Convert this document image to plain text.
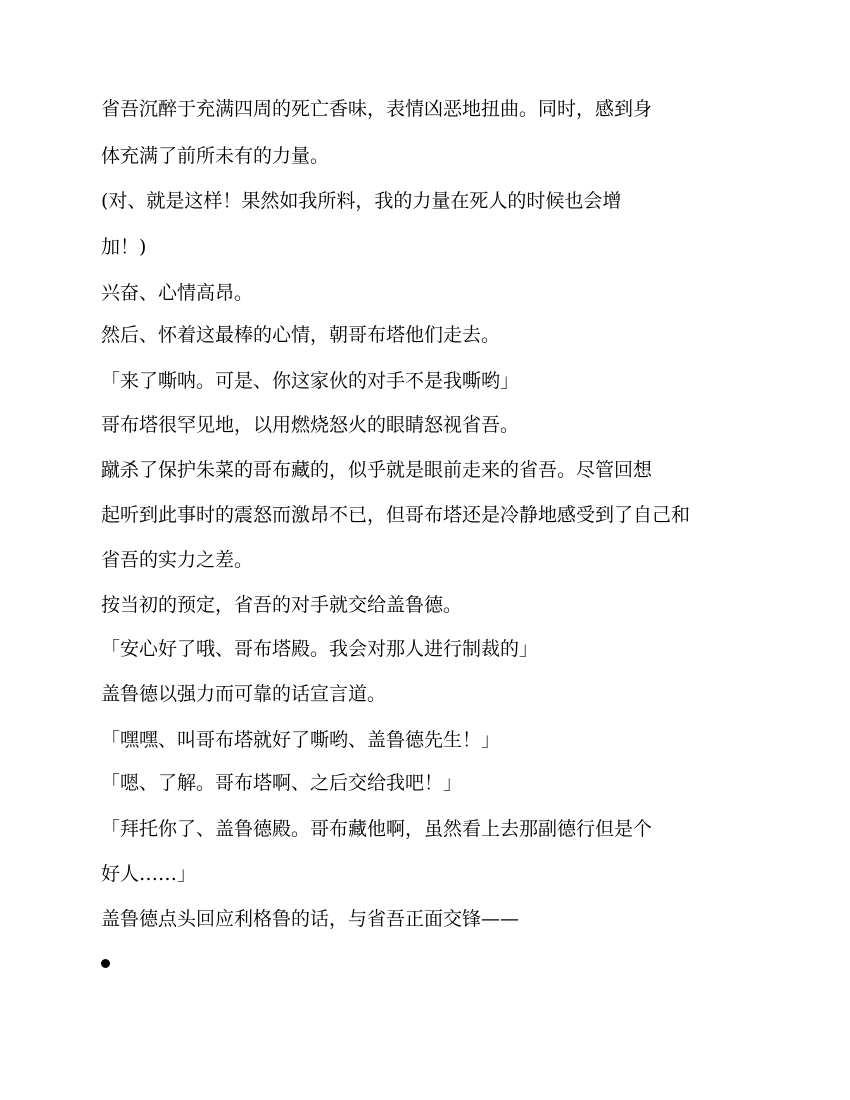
省吾沉醉于充满四周的死亡香味，表情凶恶地扭曲。同时，感到身

体充满了前所未有的力量。

(对、就是这样！果然如我所料，我的力量在死人的时候也会增

加！)

兴奋、心情高昂。

然后、怀着这最棒的心情，朝哥布塔他们走去。

「来了嘶呐。可是、你这家伙的对手不是我嘶哟」

哥布塔很罕见地，以用燃烧怒火的眼睛怒视省吾。

蹴杀了保护朱菜的哥布藏的，似乎就是眼前走来的省吾。尽管回想

起听到此事时的震怒而激昂不已，但哥布塔还是冷静地感受到了自己和

省吾的实力之差。

按当初的预定，省吾的对手就交给盖鲁德。

「安心好了哦、哥布塔殿。我会对那人进行制裁的」

盖鲁德以强力而可靠的话宣言道。

「嘿嘿、叫哥布塔就好了嘶哟、盖鲁德先生！」

「嗯、了解。哥布塔啊、之后交给我吧！」

「拜托你了、盖鲁德殿。哥布藏他啊，虽然看上去那副德行但是个

好人……」

盖鲁德点头回应利格鲁的话，与省吾正面交锋——
